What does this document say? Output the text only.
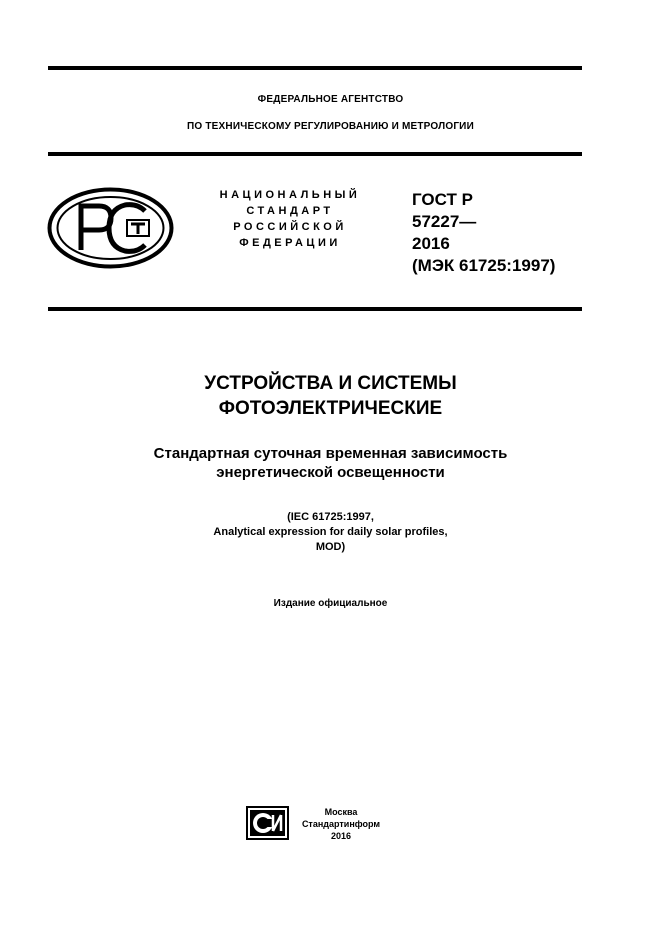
ФЕДЕРАЛЬНОЕ АГЕНТСТВО
ПО ТЕХНИЧЕСКОМУ РЕГУЛИРОВАНИЮ И МЕТРОЛОГИИ
НАЦИОНАЛЬНЫЙ
СТАНДАРТ
РОССИЙСКОЙ
ФЕДЕРАЦИИ
ГОСТ Р
57227—
2016
(МЭК 61725:1997)
УСТРОЙСТВА И СИСТЕМЫ
ФОТОЭЛЕКТРИЧЕСКИЕ
Стандартная суточная временная зависимость
энергетической освещенности
(IEC 61725:1997,
Analytical expression for daily solar profiles,
MOD)
Издание официальное
Москва
Стандартинформ
2016
